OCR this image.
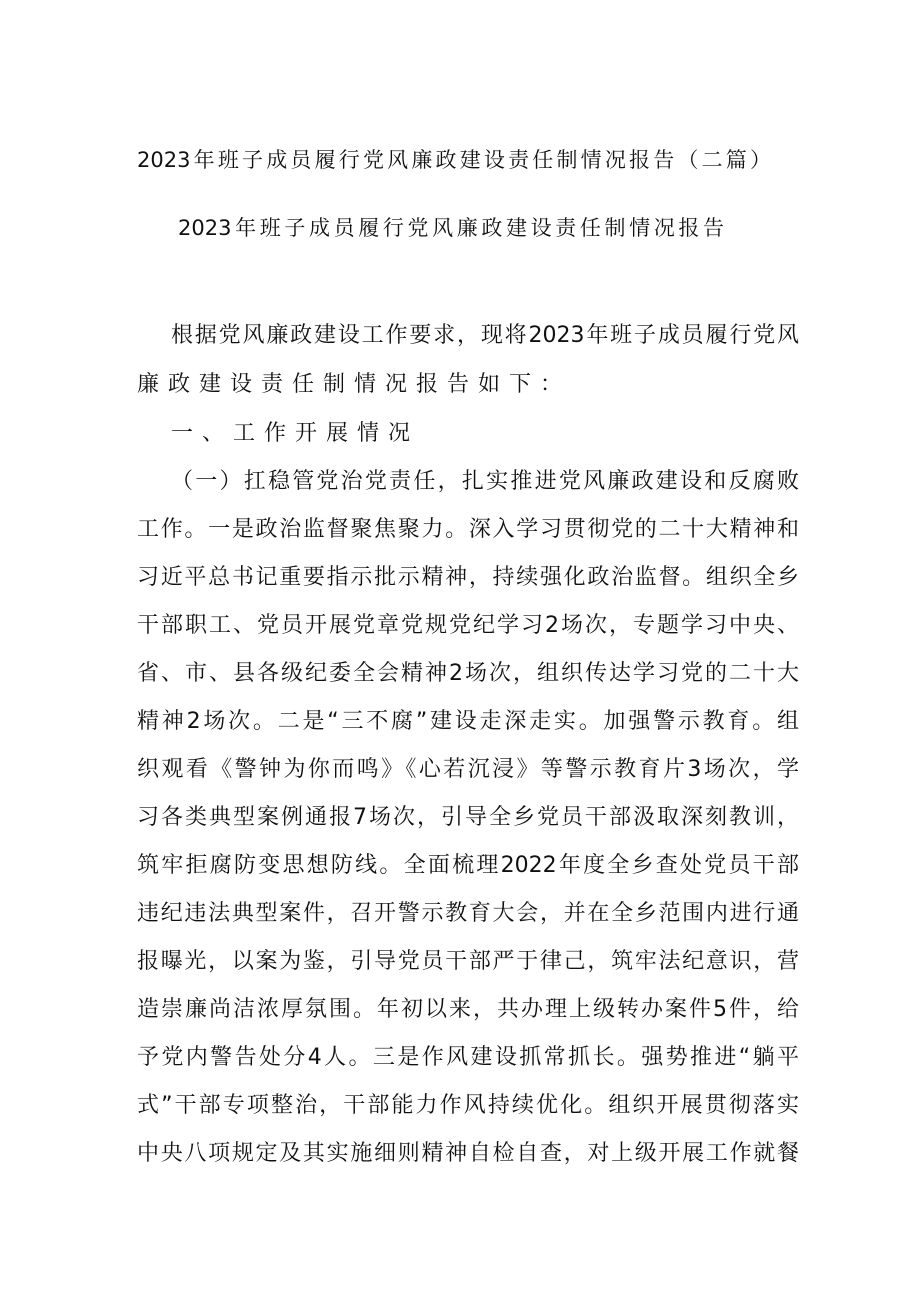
2023年班子成员履行党风廉政建设责任制情况报告（二篇）
2023年班子成员履行党风廉政建设责任制情况报告
根据党风廉政建设工作要求，现将2023年班子成员履行党风
廉政建设责任制情况报告如下：
一、工作开展情况
（一）扛稳管党治党责任，扎实推进党风廉政建设和反腐败
工作。一是政治监督聚焦聚力。深入学习贯彻党的二十大精神和
习近平总书记重要指示批示精神，持续强化政治监督。组织全乡
干部职工、党员开展党章党规党纪学习2场次，专题学习中央、
省、市、县各级纪委全会精神2场次，组织传达学习党的二十大
精神2场次。二是“三不腐”建设走深走实。加强警示教育。组
织观看《警钟为你而鸣》《心若沉浸》等警示教育片3场次，学
习各类典型案例通报7场次，引导全乡党员干部汲取深刻教训，
筑牢拒腐防变思想防线。全面梳理2022年度全乡查处党员干部
违纪违法典型案件，召开警示教育大会，并在全乡范围内进行通
报曝光，以案为鉴，引导党员干部严于律己，筑牢法纪意识，营
造崇廉尚洁浓厚氛围。年初以来，共办理上级转办案件5件，给
予党内警告处分4人。三是作风建设抓常抓长。强势推进“躺平
式”干部专项整治，干部能力作风持续优化。组织开展贯彻落实
中央八项规定及其实施细则精神自检自查，对上级开展工作就餐
